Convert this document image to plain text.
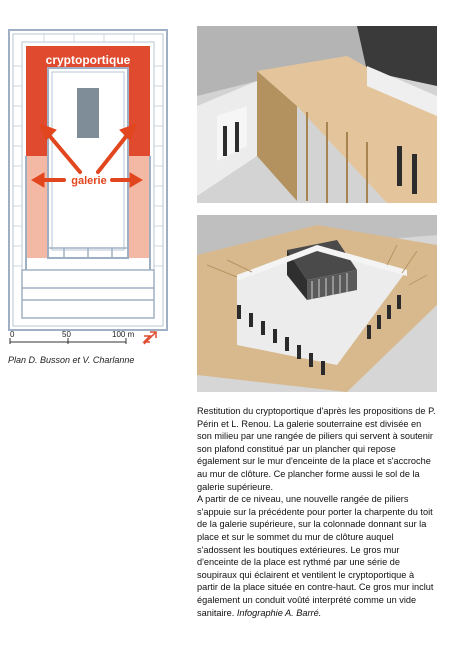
cryptoportique
galerie
0	50	100 m
Plan D. Busson et V. Charlanne

Restitution du cryptoportique d'après les propositions de P. Périn et L. Renou. La galerie souterraine est divisée en son milieu par une rangée de piliers qui servent à soutenir son plafond constitué par un plancher qui repose également sur le mur d'enceinte de la place et s'accroche au mur de clôture. Ce plancher forme aussi le sol de la galerie supérieure.

A partir de ce niveau, une nouvelle rangée de piliers s'appuie sur la précédente pour porter la charpente du toit de la galerie supérieure, sur la colonnade donnant sur la place et sur le sommet du mur de clôture auquel s'adossent les boutiques extérieures. Le gros mur d'enceinte de la place est rythmé par une série de soupiraux qui éclairent et ventilent le cryptoportique à partir de la place située en contre-haut. Ce gros mur inclut également un conduit voûté interprété comme un vide sanitaire. Infographie A. Barré.
